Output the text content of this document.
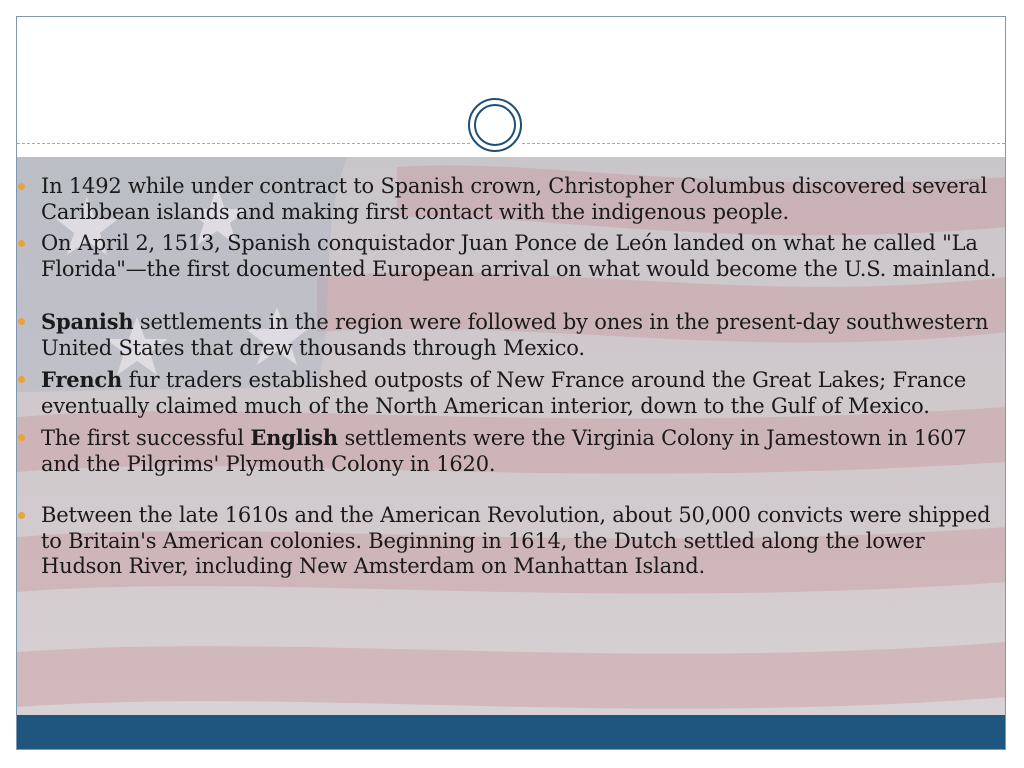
In 1492 while under contract to Spanish crown, Christopher Columbus discovered several Caribbean islands and making first contact with the indigenous people.
On April 2, 1513, Spanish conquistador Juan Ponce de León landed on what he called "La Florida"—the first documented European arrival on what would become the U.S. mainland.
Spanish settlements in the region were followed by ones in the present-day southwestern United States that drew thousands through Mexico.
French fur traders established outposts of New France around the Great Lakes; France eventually claimed much of the North American interior, down to the Gulf of Mexico.
The first successful English settlements were the Virginia Colony in Jamestown in 1607 and the Pilgrims' Plymouth Colony in 1620.
Between the late 1610s and the American Revolution, about 50,000 convicts were shipped to Britain's American colonies. Beginning in 1614, the Dutch settled along the lower Hudson River, including New Amsterdam on Manhattan Island.
